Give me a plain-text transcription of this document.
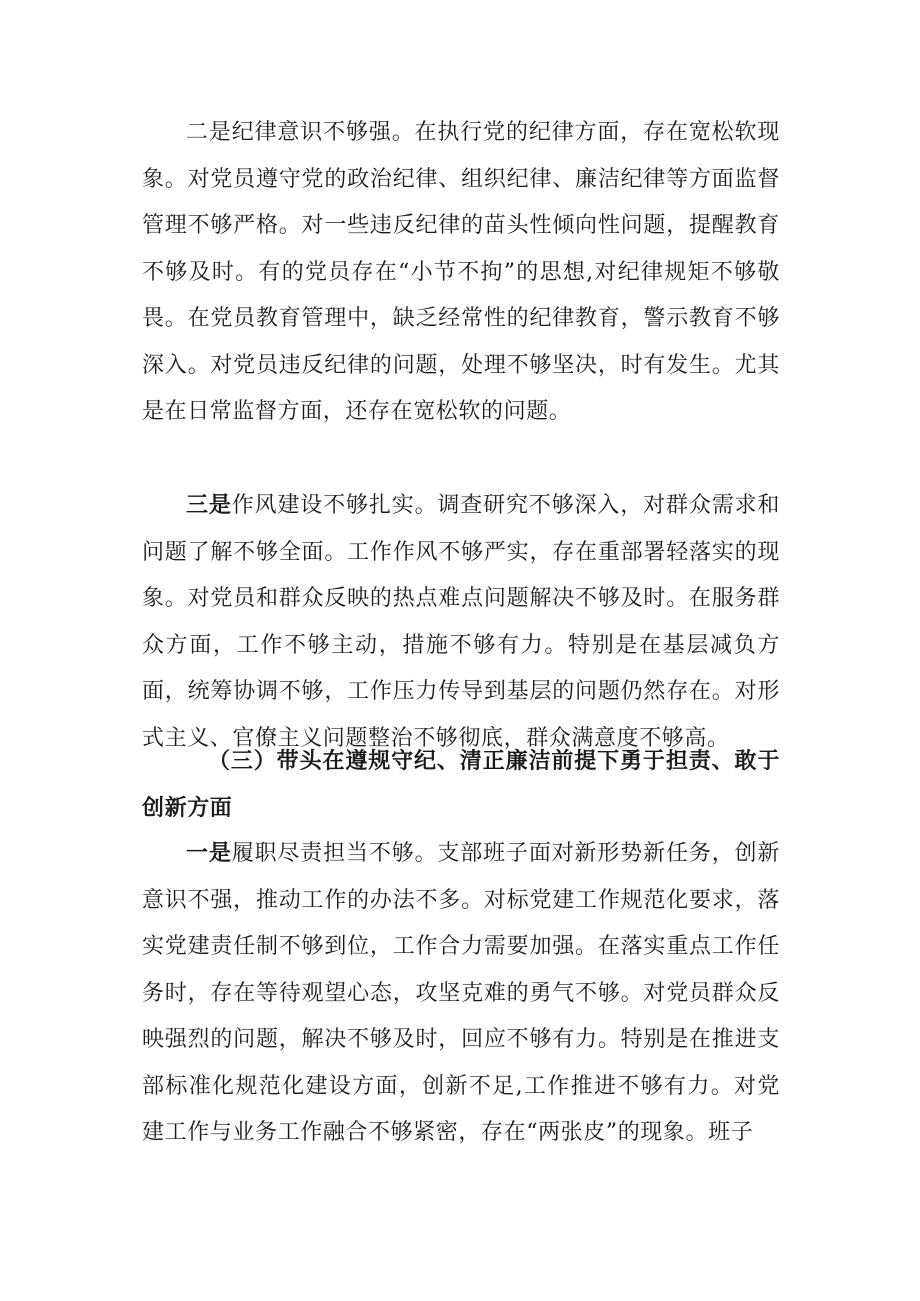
二是纪律意识不够强。在执行党的纪律方面，存在宽松软现象。对党员遵守党的政治纪律、组织纪律、廉洁纪律等方面监督管理不够严格。对一些违反纪律的苗头性倾向性问题，提醒教育不够及时。有的党员存在“小节不拘”的思想,对纪律规矩不够敬畏。在党员教育管理中，缺乏经常性的纪律教育，警示教育不够深入。对党员违反纪律的问题，处理不够坚决，时有发生。尤其是在日常监督方面，还存在宽松软的问题。

三是作风建设不够扎实。调查研究不够深入，对群众需求和问题了解不够全面。工作作风不够严实，存在重部署轻落实的现象。对党员和群众反映的热点难点问题解决不够及时。在服务群众方面，工作不够主动，措施不够有力。特别是在基层减负方面，统筹协调不够，工作压力传导到基层的问题仍然存在。对形式主义、官僚主义问题整治不够彻底，群众满意度不够高。

（三）带头在遵规守纪、清正廉洁前提下勇于担责、敢于创新方面

一是履职尽责担当不够。支部班子面对新形势新任务，创新意识不强，推动工作的办法不多。对标党建工作规范化要求，落实党建责任制不够到位，工作合力需要加强。在落实重点工作任务时，存在等待观望心态，攻坚克难的勇气不够。对党员群众反映强烈的问题，解决不够及时，回应不够有力。特别是在推进支部标准化规范化建设方面，创新不足,工作推进不够有力。对党建工作与业务工作融合不够紧密，存在“两张皮”的现象。班子
